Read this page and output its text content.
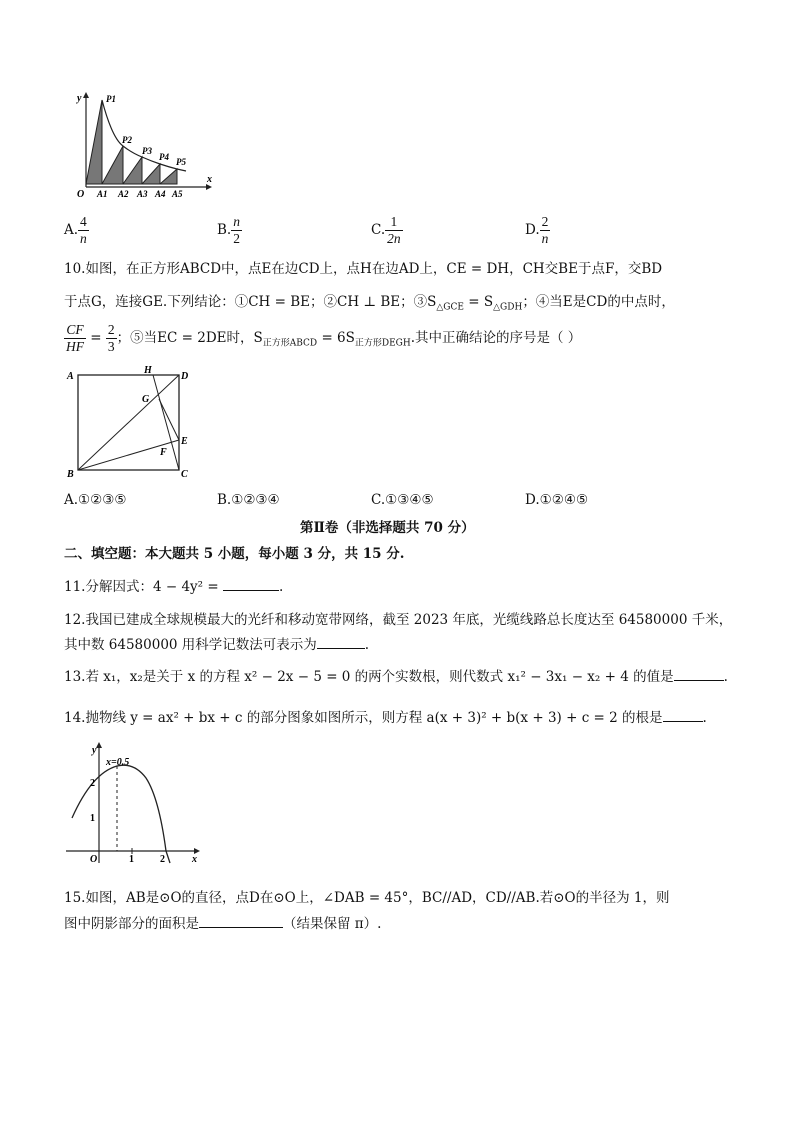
y
x
O
P1
P2
P3
P4 P5
A1 A2 A3 A4 A5
A. $\frac{4}{n}$	B. $\frac{n}{2}$	C. $\frac{1}{2n}$	D. $\frac{2}{n}$
10.如图，在正方形ABCD中，点E在边CD上，点H在边AD上，CE = DH，CH交BE于点F，交BD
于点G，连接GE.下列结论：①CH = BE；②CH ⊥ BE；$③S_{\triangle GCE} = S_{\triangle GDH}$；④当E是CD的中点时，
$\frac{CF}{HF} = \frac{2}{3}$ ；⑤当EC = 2DE时，$S_{正方形ABCD} = 6S_{正方形DEGH}$.其中正确结论的序号是（ ）
A
H
D
G
E
F
B	C
A.①②③⑤	B.①②③④	C.①③④⑤	D.①②④⑤
第Ⅱ卷（非选择题共 70 分）
二、填空题：本大题共 5 小题，每小题 3 分，共 15 分.
11.分解因式：4 − 4y² =	.
12.我国已建成全球规模最大的光纤和移动宽带网络，截至 2023 年底，光缆线路总长度达至 64580000 千米，
其中数 64580000 用科学记数法可表示为	.
13.若 x₁，x₂是关于 x 的方程 x² − 2x − 5 = 0 的两个实数根，则代数式 x₁² − 3x₁ − x₂ + 4 的值是	.
14.抛物线 y = ax² + bx + c 的部分图象如图所示，则方程 a(x + 3)² + b(x + 3) + c = 2 的根是	.
y
x
O	1	2
1
2
x=0.5
15.如图，AB是⊙O的直径，点D在⊙O上，∠DAB = 45°，BC//AD，CD//AB.若⊙O的半径为 1，则
图中阴影部分的面积是	（结果保留 π）.
